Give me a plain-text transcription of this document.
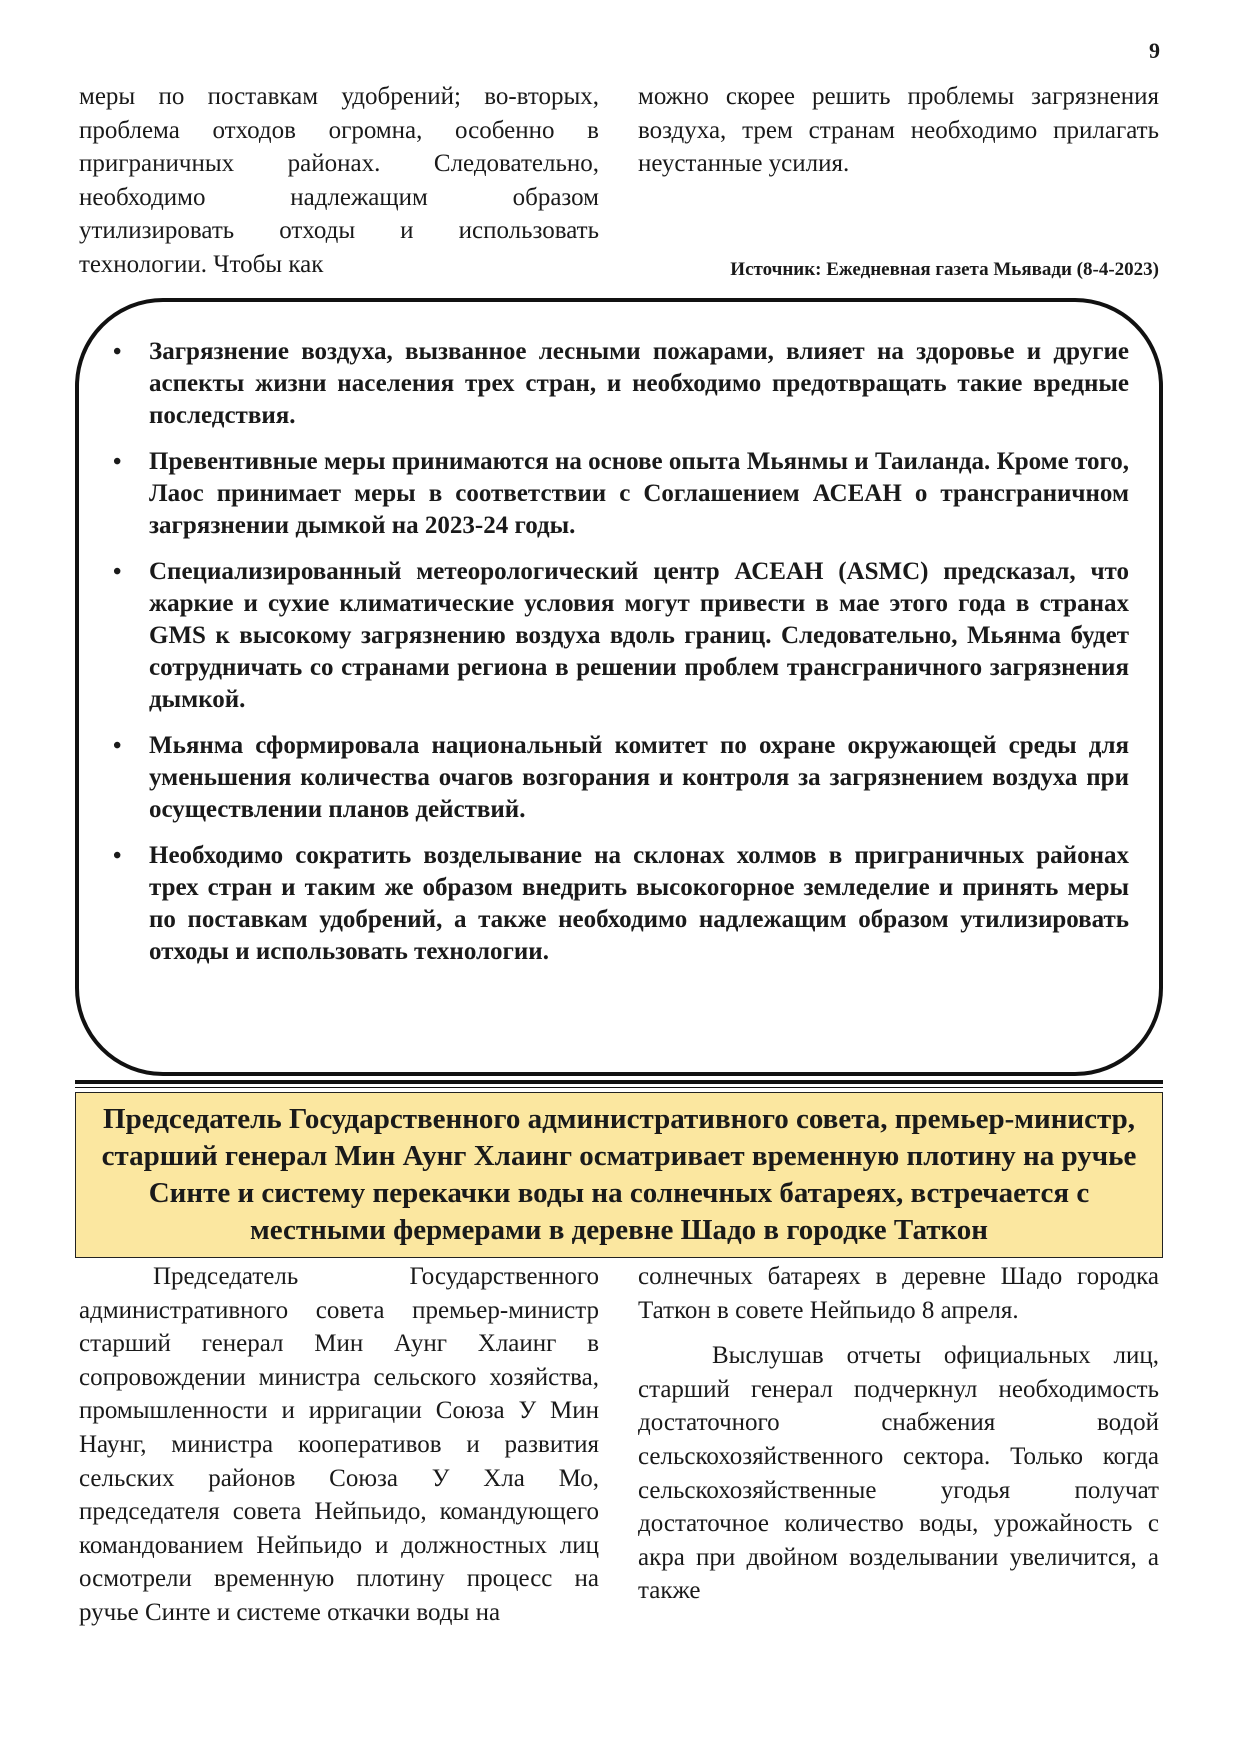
9

меры по поставкам удобрений; во-вторых, проблема отходов огромна, особенно в приграничных районах. Следовательно, необходимо надлежащим образом утилизировать отходы и использовать технологии. Чтобы как

можно скорее решить проблемы загрязнения воздуха, трем странам необходимо прилагать неустанные усилия.

Источник: Ежедневная газета Мьявади (8-4-2023)
• Загрязнение воздуха, вызванное лесными пожарами, влияет на здоровье и другие аспекты жизни населения трех стран, и необходимо предотвращать такие вредные последствия.
• Превентивные меры принимаются на основе опыта Мьянмы и Таиланда. Кроме того, Лаос принимает меры в соответствии с Соглашением АСЕАН о трансграничном загрязнении дымкой на 2023-24 годы.
• Специализированный метеорологический центр АСЕАН (ASMC) предсказал, что жаркие и сухие климатические условия могут привести в мае этого года в странах GMS к высокому загрязнению воздуха вдоль границ. Следовательно, Мьянма будет сотрудничать со странами региона в решении проблем трансграничного загрязнения дымкой.
• Мьянма сформировала национальный комитет по охране окружающей среды для уменьшения количества очагов возгорания и контроля за загрязнением воздуха при осуществлении планов действий.
• Необходимо сократить возделывание на склонах холмов в приграничных районах трех стран и таким же образом внедрить высокогорное земледелие и принять меры по поставкам удобрений, а также необходимо надлежащим образом утилизировать отходы и использовать технологии.
Председатель Государственного административного совета, премьер-министр, старший генерал Мин Аунг Хлаинг осматривает временную плотину на ручье Синте и систему перекачки воды на солнечных батареях, встречается с местными фермерами в деревне Шадо в городке Таткон

Председатель Государственного административного совета премьер-министр старший генерал Мин Аунг Хлаинг в сопровождении министра сельского хозяйства, промышленности и ирригации Союза У Мин Наунг, министра кооперативов и развития сельских районов Союза У Хла Мо, председателя совета Нейпьидо, командующего командованием Нейпьидо и должностных лиц осмотрели временную плотину процесс на ручье Синте и системе откачки воды на

солнечных батареях в деревне Шадо городка Таткон в совете Нейпьидо 8 апреля.

Выслушав отчеты официальных лиц, старший генерал подчеркнул необходимость достаточного снабжения водой сельскохозяйственного сектора. Только когда сельскохозяйственные угодья получат достаточное количество воды, урожайность с акра при двойном возделывании увеличится, а также
